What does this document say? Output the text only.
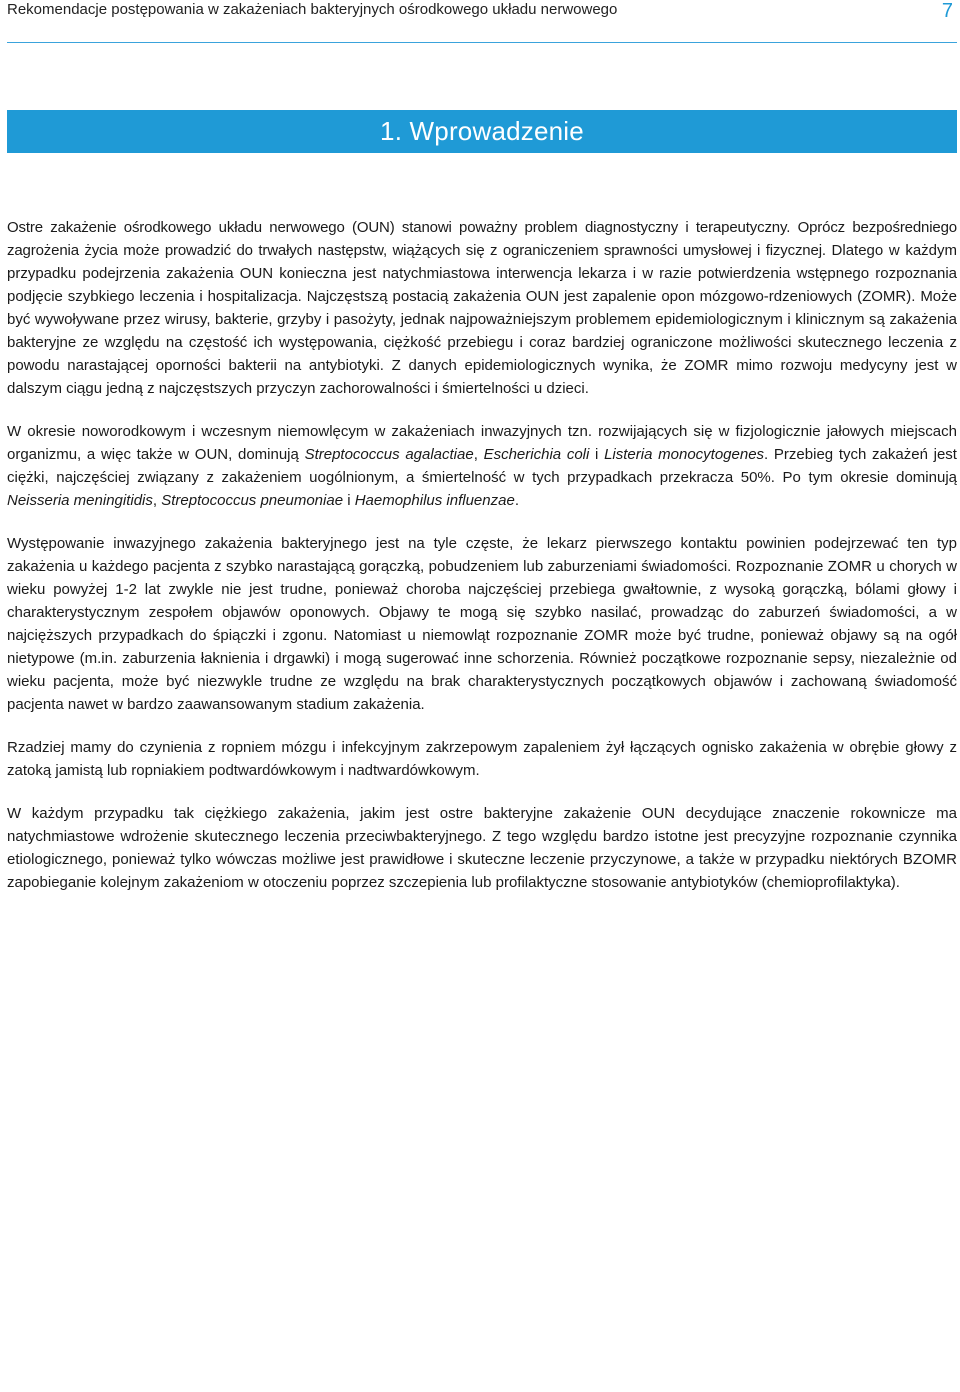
Rekomendacje postępowania w zakażeniach bakteryjnych ośrodkowego układu nerwowego	7
1. Wprowadzenie

Ostre zakażenie ośrodkowego układu nerwowego (OUN) stanowi poważny problem diagnostyczny i terapeutyczny. Oprócz bezpośredniego zagrożenia życia może prowadzić do trwałych następstw, wiążących się z ograniczeniem sprawności umysłowej i fizycznej. Dlatego w każdym przypadku podejrzenia zakażenia OUN konieczna jest natychmiastowa interwencja lekarza i w razie potwierdzenia wstępnego rozpoznania podjęcie szybkiego leczenia i hospitalizacja. Najczęstszą postacią zakażenia OUN jest zapalenie opon mózgowo-rdzeniowych (ZOMR). Może być wywoływane przez wirusy, bakterie, grzyby i pasożyty, jednak najpoważniejszym problemem epidemiologicznym i klinicznym są zakażenia bakteryjne ze względu na częstość ich występowania, ciężkość przebiegu i coraz bardziej ograniczone możliwości skutecznego leczenia z powodu narastającej oporności bakterii na antybiotyki. Z danych epidemiologicznych wynika, że ZOMR mimo rozwoju medycyny jest w dalszym ciągu jedną z najczęstszych przyczyn zachorowalności i śmiertelności u dzieci.

W okresie noworodkowym i wczesnym niemowlęcym w zakażeniach inwazyjnych tzn. rozwijających się w fizjologicznie jałowych miejscach organizmu, a więc także w OUN, dominują Streptococcus agalactiae, Escherichia coli i Listeria monocytogenes. Przebieg tych zakażeń jest ciężki, najczęściej związany z zakażeniem uogólnionym, a śmiertelność w tych przypadkach przekracza 50%. Po tym okresie dominują Neisseria meningitidis, Streptococcus pneumoniae i Haemophilus influenzae.

Występowanie inwazyjnego zakażenia bakteryjnego jest na tyle częste, że lekarz pierwszego kontaktu powinien podejrzewać ten typ zakażenia u każdego pacjenta z szybko narastającą gorączką, pobudzeniem lub zaburzeniami świadomości. Rozpoznanie ZOMR u chorych w wieku powyżej 1-2 lat zwykle nie jest trudne, ponieważ choroba najczęściej przebiega gwałtownie, z wysoką gorączką, bólami głowy i charakterystycznym zespołem objawów oponowych. Objawy te mogą się szybko nasilać, prowadząc do zaburzeń świadomości, a w najcięższych przypadkach do śpiączki i zgonu. Natomiast u niemowląt rozpoznanie ZOMR może być trudne, ponieważ objawy są na ogół nietypowe (m.in. zaburzenia łaknienia i drgawki) i mogą sugerować inne schorzenia. Również początkowe rozpoznanie sepsy, niezależnie od wieku pacjenta, może być niezwykle trudne ze względu na brak charakterystycznych początkowych objawów i zachowaną świadomość pacjenta nawet w bardzo zaawansowanym stadium zakażenia.

Rzadziej mamy do czynienia z ropniem mózgu i infekcyjnym zakrzepowym zapaleniem żył łączących ognisko zakażenia w obrębie głowy z zatoką jamistą lub ropniakiem podtwardówkowym i nadtwardówkowym.

W każdym przypadku tak ciężkiego zakażenia, jakim jest ostre bakteryjne zakażenie OUN decydujące znaczenie rokownicze ma natychmiastowe wdrożenie skutecznego leczenia przeciwbakteryjnego. Z tego względu bardzo istotne jest precyzyjne rozpoznanie czynnika etiologicznego, ponieważ tylko wówczas możliwe jest prawidłowe i skuteczne leczenie przyczynowe, a także w przypadku niektórych BZOMR zapobieganie kolejnym zakażeniom w otoczeniu poprzez szczepienia lub profilaktyczne stosowanie antybiotyków (chemioprofilaktyka).
